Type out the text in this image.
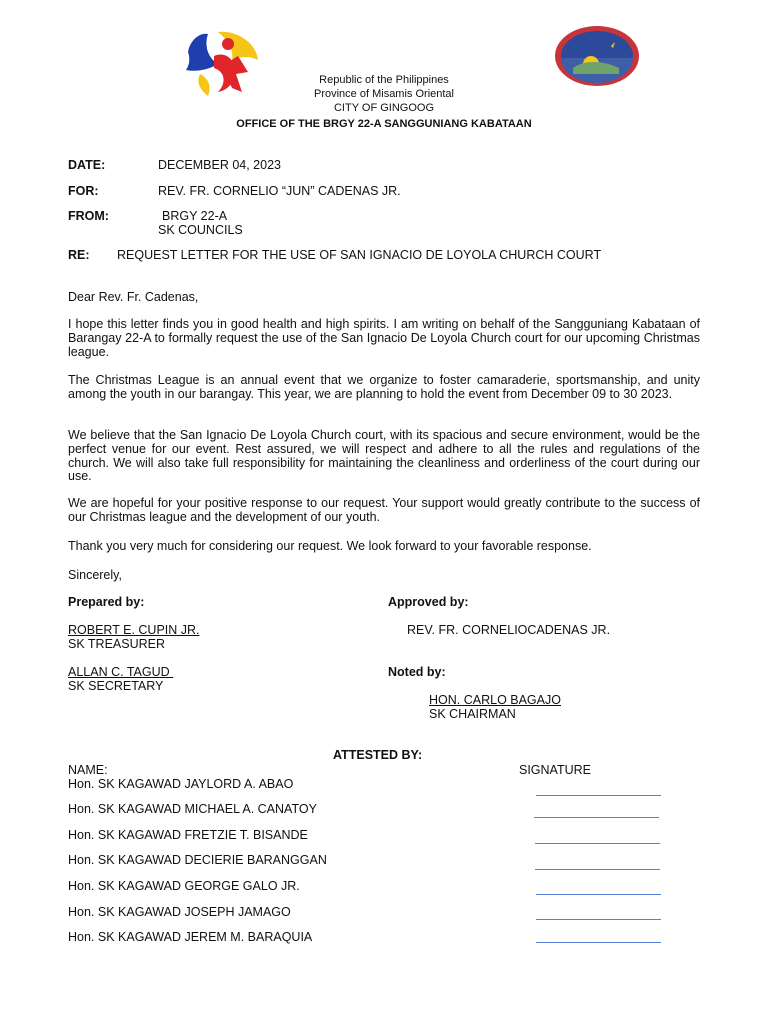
Republic of the Philippines
Province of Misamis Oriental
CITY OF GINGOOG
OFFICE OF THE BRGY 22-A SANGGUNIANG KABATAAN
DATE:	DECEMBER 04, 2023
FOR:	REV. FR. CORNELIO “JUN” CADENAS JR.
FROM:	BRGY 22-A
SK COUNCILS
RE: REQUEST LETTER FOR THE USE OF SAN IGNACIO DE LOYOLA CHURCH COURT
Dear Rev. Fr. Cadenas,
I hope this letter finds you in good health and high spirits. I am writing on behalf of the Sangguniang Kabataan of Barangay 22-A to formally request the use of the San Ignacio De Loyola Church court for our upcoming Christmas league.
The Christmas League is an annual event that we organize to foster camaraderie, sportsmanship, and unity among the youth in our barangay. This year, we are planning to hold the event from December 09 to 30 2023.
We believe that the San Ignacio De Loyola Church court, with its spacious and secure environment, would be the perfect venue for our event. Rest assured, we will respect and adhere to all the rules and regulations of the church. We will also take full responsibility for maintaining the cleanliness and orderliness of the court during our use.
We are hopeful for your positive response to our request. Your support would greatly contribute to the success of our Christmas league and the development of our youth.
Thank you very much for considering our request. We look forward to your favorable response.
Sincerely,
Prepared by:	Approved by:
ROBERT E. CUPIN JR.
SK TREASURER
REV. FR. CORNELIOCADENAS JR.
ALLAN C. TAGUD
SK SECRETARY
Noted by:
HON. CARLO BAGAJO
SK CHAIRMAN
ATTESTED BY:
NAME:	SIGNATURE
Hon. SK KAGAWAD JAYLORD A. ABAO
Hon. SK KAGAWAD MICHAEL A. CANATOY
Hon. SK KAGAWAD FRETZIE T. BISANDE
Hon. SK KAGAWAD DECIERIE BARANGGAN
Hon. SK KAGAWAD GEORGE GALO JR.
Hon. SK KAGAWAD JOSEPH JAMAGO
Hon. SK KAGAWAD JEREM M. BARAQUIA
